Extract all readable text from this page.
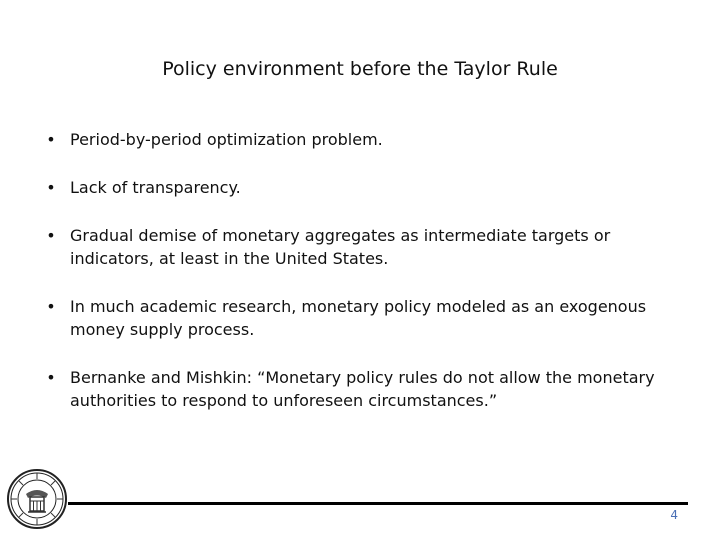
Policy environment before the Taylor Rule
• Period-by-period optimization problem.
• Lack of transparency.
• Gradual demise of monetary aggregates as intermediate targets or indicators, at least in the United States.
• In much academic research, monetary policy modeled as an exogenous money supply process.
• Bernanke and Mishkin: “Monetary policy rules do not allow the monetary authorities to respond to unforeseen circumstances.”
4
